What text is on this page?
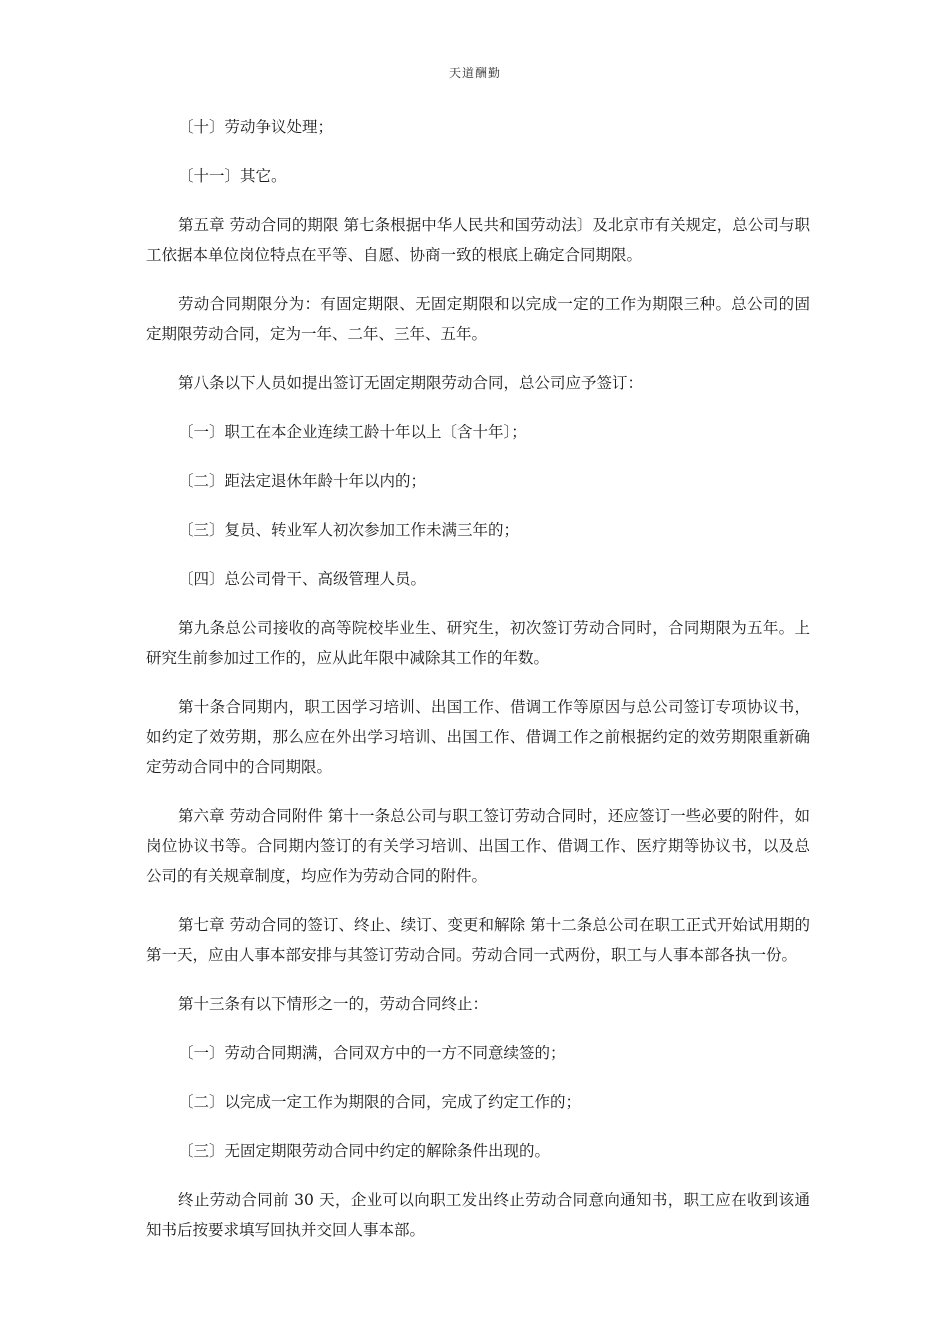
天道酬勤

〔十〕劳动争议处理；

〔十一〕其它。

第五章 劳动合同的期限 第七条根据中华人民共和国劳动法〕及北京市有关规定，总公司与职工依据本单位岗位特点在平等、自愿、协商一致的根底上确定合同期限。

劳动合同期限分为：有固定期限、无固定期限和以完成一定的工作为期限三种。总公司的固定期限劳动合同，定为一年、二年、三年、五年。

第八条以下人员如提出签订无固定期限劳动合同，总公司应予签订：

〔一〕职工在本企业连续工龄十年以上〔含十年〕；

〔二〕距法定退休年龄十年以内的；

〔三〕复员、转业军人初次参加工作未满三年的；

〔四〕总公司骨干、高级管理人员。

第九条总公司接收的高等院校毕业生、研究生，初次签订劳动合同时，合同期限为五年。上研究生前参加过工作的，应从此年限中减除其工作的年数。

第十条合同期内，职工因学习培训、出国工作、借调工作等原因与总公司签订专项协议书，如约定了效劳期，那么应在外出学习培训、出国工作、借调工作之前根据约定的效劳期限重新确定劳动合同中的合同期限。

第六章 劳动合同附件 第十一条总公司与职工签订劳动合同时，还应签订一些必要的附件，如岗位协议书等。合同期内签订的有关学习培训、出国工作、借调工作、医疗期等协议书，以及总公司的有关规章制度，均应作为劳动合同的附件。

第七章 劳动合同的签订、终止、续订、变更和解除 第十二条总公司在职工正式开始试用期的第一天，应由人事本部安排与其签订劳动合同。劳动合同一式两份，职工与人事本部各执一份。

第十三条有以下情形之一的，劳动合同终止：

〔一〕劳动合同期满，合同双方中的一方不同意续签的；

〔二〕以完成一定工作为期限的合同，完成了约定工作的；

〔三〕无固定期限劳动合同中约定的解除条件出现的。

终止劳动合同前 30 天，企业可以向职工发出终止劳动合同意向通知书，职工应在收到该通知书后按要求填写回执并交回人事本部。
